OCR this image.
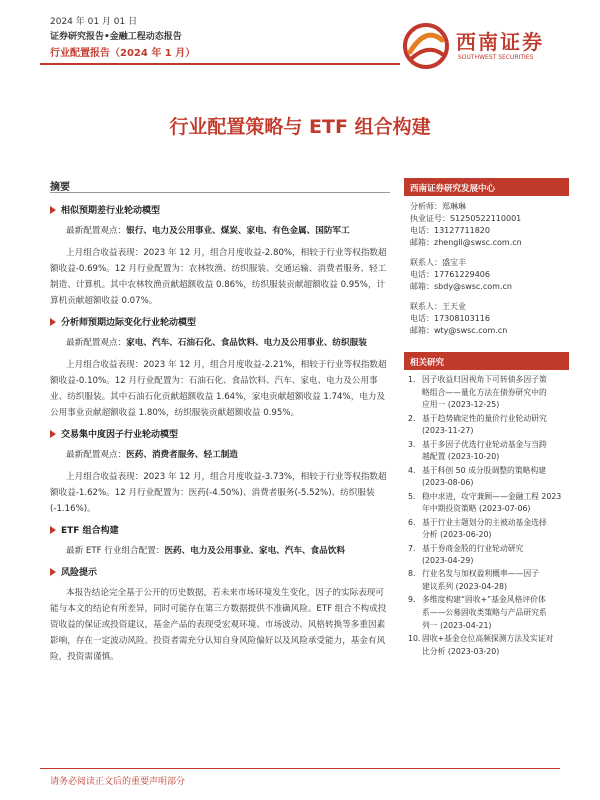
2024 年 01 月 01 日
证券研究报告•金融工程动态报告
行业配置报告（2024 年 1 月）	西南证券
SOUTHWEST SECURITIES
行业配置策略与 ETF 组合构建
摘要
相似预期差行业轮动模型

最新配置观点：银行、电力及公用事业、煤炭、家电、有色金属、国防军工

上月组合收益表现：2023 年 12 月，组合月度收益-2.80%，相较于行业等权指数超额收益-0.69%。12 月行业配置为：农林牧渔、纺织服装、交通运输、消费者服务、轻工制造、计算机。其中农林牧渔贡献超额收益 0.86%，纺织服装贡献超额收益 0.95%，计算机贡献超额收益 0.07%。

分析师预期边际变化行业轮动模型

最新配置观点：家电、汽车、石油石化、食品饮料、电力及公用事业、纺织服装

上月组合收益表现：2023 年 12 月，组合月度收益-2.21%，相较于行业等权指数超额收益-0.10%。12 月行业配置为：石油石化、食品饮料、汽车、家电、电力及公用事业、纺织服装。其中石油石化贡献超额收益 1.64%，家电贡献超额收益 1.74%，电力及公用事业贡献超额收益 1.80%，纺织服装贡献超额收益 0.95%。

交易集中度因子行业轮动模型

最新配置观点：医药、消费者服务、轻工制造

上月组合收益表现：2023 年 12 月，组合月度收益-3.73%，相较于行业等权指数超额收益-1.62%。12 月行业配置为：医药(-4.50%)、消费者服务(-5.52%)、纺织服装(-1.16%)。

ETF 组合构建

最新 ETF 行业组合配置：医药、电力及公用事业、家电、汽车、食品饮料

风险提示

本报告结论完全基于公开的历史数据，若未来市场环境发生变化，因子的实际表现可能与本文的结论有所差异，同时可能存在第三方数据提供不准确风险。ETF 组合不构成投资收益的保证或投资建议，基金产品的表现受宏观环境、市场波动、风格转换等多重因素影响，存在一定波动风险。投资者需充分认知自身风险偏好以及风险承受能力，基金有风险，投资需谨慎。

西南证券研究发展中心
分析师：郑琳琳
执业证号：S1250522110001
电话：13127711820
邮箱：zhengll@swsc.com.cn
联系人：盛宝丰
电话：17761229406
邮箱：sbdy@swsc.com.cn
联系人：王天业
电话：17308103116
邮箱：wty@swsc.com.cn
相关研究
1. 因子收益归因视角下可转债多因子策
略组合——量化方法在债券研究中的
应用一 (2023-12-25)
2. 基于趋势确定性的量价行业轮动研究
(2023-11-27)
3. 基于多因子优选行业轮动基金与当跨
越配置 (2023-10-20)
4. 基于科创 50 成分股调整的策略构建
(2023-08-06)
5. 稳中求进，攻守兼顾——金融工程 2023
年中期投资策略 (2023-07-06)
6. 基于行业主题划分的主被动基金选择
分析 (2023-06-20)
7. 基于券商金股的行业轮动研究
(2023-04-29)
8. 行业名发与加权盈利概率——因子
建议系列 (2023-04-28)
9. 多维度构建“固收+”基金风格评价体
系——公募固收类策略与产品研究系
列一 (2023-04-21)
10. 固收+基金仓位高频探测方法及实证对
比分析 (2023-03-20)
请务必阅读正文后的重要声明部分
